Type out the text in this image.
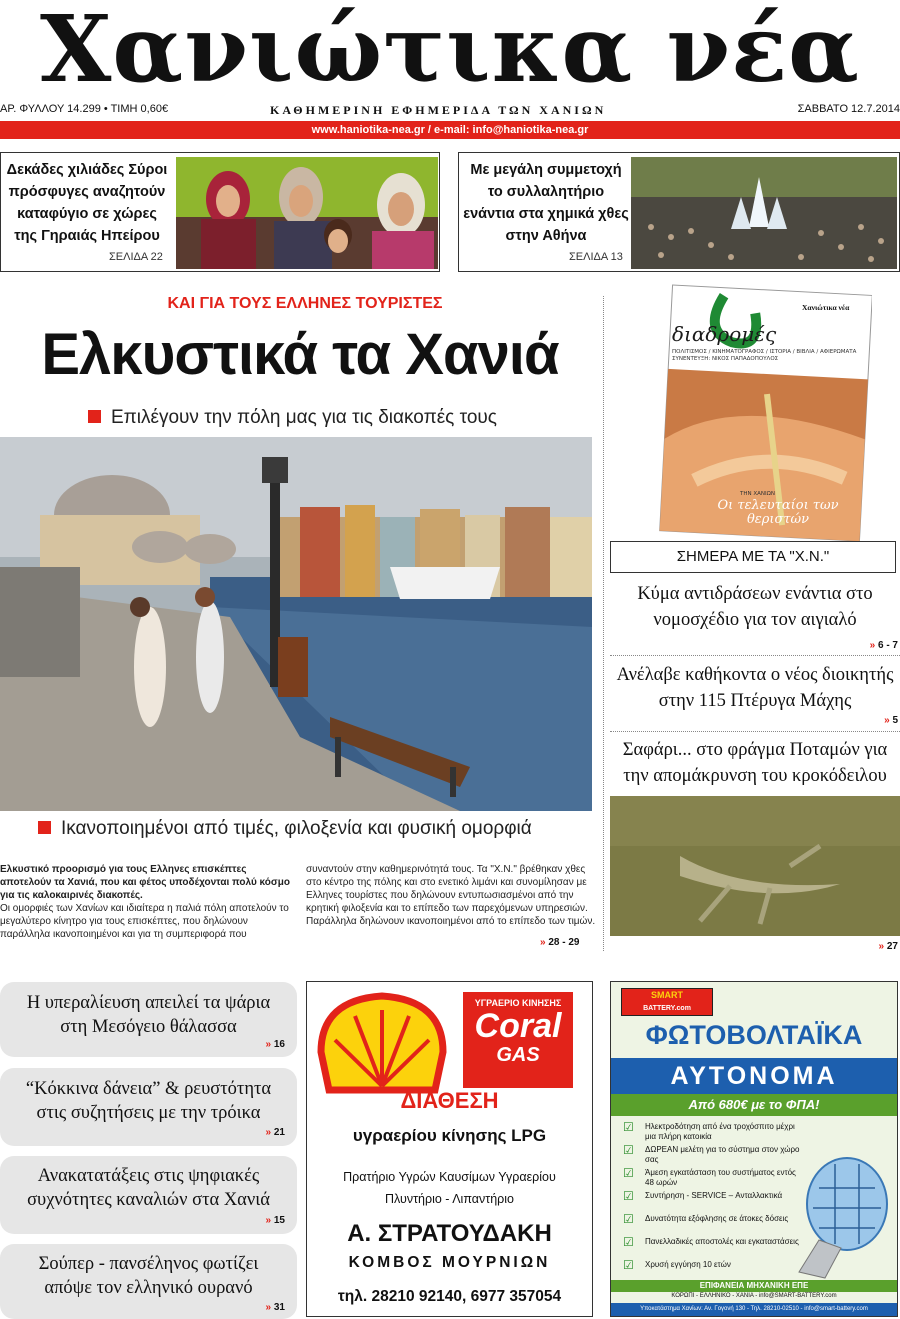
Χανιώτικα νέα
ΑΡ. ΦΥΛΛΟΥ 14.299 • ΤΙΜΗ 0,60€	ΚΑΘΗΜΕΡΙΝΗ ΕΦΗΜΕΡΙΔΑ ΤΩΝ ΧΑΝΙΩΝ	ΣΑΒΒΑΤΟ 12.7.2014
www.haniotika-nea.gr / e-mail: info@haniotika-nea.gr
Δεκάδες χιλιάδες Σύροι πρόσφυγες αναζητούν καταφύγιο σε χώρες της Γηραιάς Ηπείρου
ΣΕΛΙΔΑ 22
Με μεγάλη συμμετοχή το συλλαλητήριο ενάντια στα χημικά χθες στην Αθήνα
ΣΕΛΙΔΑ 13
ΚΑΙ ΓΙΑ ΤΟΥΣ ΕΛΛΗΝΕΣ ΤΟΥΡΙΣΤΕΣ
Ελκυστικά τα Χανιά
Επιλέγουν την πόλη μας για τις διακοπές τους
Ικανοποιημένοι από τιμές, φιλοξενία και φυσική ομορφιά

Ελκυστικό προορισμό για τους Ελληνες επισκέπτες αποτελούν τα Χανιά, που και φέτος υποδέχονται πολύ κόσμο για τις καλοκαιρινές διακοπές.

Οι ομορφιές των Χανίων και ιδιαίτερα η παλιά πόλη αποτελούν το μεγαλύτερο κίνητρο για τους επισκέπτες, που δηλώνουν παράλληλα ικανοποιημένοι και για τη συμπεριφορά που

συναντούν στην καθημερινότητά τους. Τα "Χ.Ν." βρέθηκαν χθες στο κέντρο της πόλης και στο ενετικό λιμάνι και συνομίλησαν με Ελληνες τουρίστες που δηλώνουν εντυπωσιασμένοι από την κρητική φιλοξενία και το επίπεδο των παρεχόμενων υπηρεσιών. Παράλληλα δηλώνουν ικανοποιημένοι από το επίπεδο των τιμών.

» 28 - 29
διαδρομές
Χανιώτικα νέα
ΠΟΛΙΤΙΣΜΟΣ / ΚΙΝΗΜΑΤΟΓΡΑΦΟΣ / ΙΣΤΟΡΙΑ / ΒΙΒΛΙΑ / ΑΦΙΕΡΩΜΑΤΑ
ΣΥΝΕΝΤΕΥΞΗ: ΝΙΚΟΣ ΠΑΠΑΔΟΠΟΥΛΟΣ
ΤΗΝ ΧΑΝΙΩΝ
Οι τελευταίοι των θεριστών
ΣΗΜΕΡΑ ΜΕ ΤΑ "Χ.Ν."
Κύμα αντιδράσεων ενάντια στο νομοσχέδιο για τον αιγιαλό
» 6 - 7
Ανέλαβε καθήκοντα ο νέος διοικητής στην 115 Πτέρυγα Μάχης
» 5
Σαφάρι... στο φράγμα Ποταμών για την απομάκρυνση του κροκόδειλου
» 27
Η υπεραλίευση απειλεί τα ψάρια στη Μεσόγειο θάλασσα
» 16
“Κόκκινα δάνεια” & ρευστότητα στις συζητήσεις με την τρόικα
» 21
Ανακατατάξεις στις ψηφιακές συχνότητες καναλιών στα Χανιά
» 15
Σούπερ - πανσέληνος φωτίζει απόψε τον ελληνικό ουρανό
» 31
ΥΓΡΑΕΡΙΟ ΚΙΝΗΣΗΣ
Coral
GAS
ΔΙΑΘΕΣΗ
υγραερίου κίνησης LPG
Πρατήριο Υγρών Καυσίμων Υγραερίου
Πλυντήριο - Λιπαντήριο
Α. ΣΤΡΑΤΟΥΔΑΚΗ
ΚΟΜΒΟΣ ΜΟΥΡΝΙΩΝ
τηλ. 28210 92140, 6977 357054
SMART
BATTERY.com
ΦΩΤΟΒΟΛΤΑΪΚΑ
ΑΥΤΟΝΟΜΑ
Από 680€ με το ΦΠΑ!
☑ Ηλεκτροδότηση από ένα τροχόσπιτο μέχρι μια πλήρη κατοικία
☑ ΔΩΡΕΑΝ μελέτη για το σύστημα στον χώρο σας
☑ Άμεση εγκατάσταση του συστήματος εντός 48 ωρών
☑ Συντήρηση - SERVICE – Ανταλλακτικά
☑ Δυνατότητα εξόφλησης σε άτοκες δόσεις
☑ Πανελλαδικές αποστολές και εγκαταστάσεις
☑ Χρυσή εγγύηση 10 ετών
ΕΠΙΦΑΝΕΙΑ ΜΗΧΑΝΙΚΗ ΕΠΕ
ΚΟΡΩΠΙ - ΕΛΛΗΝΙΚΟ - ΧΑΝΙΑ - info@SMART-BATTERY.com
Υποκατάστημα Χανίων: Αν. Γογονή 130 - Τηλ. 28210-02510 - info@smart-battery.com
